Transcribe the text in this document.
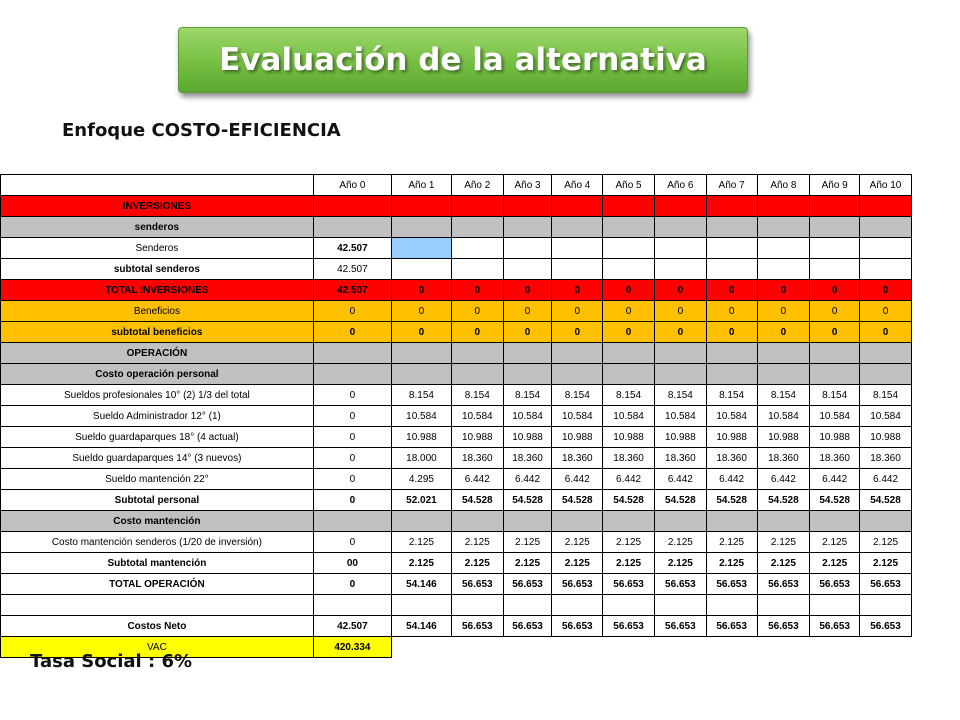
Evaluación de la alternativa
Enfoque COSTO-EFICIENCIA
	Año 0	Año 1	Año 2	Año 3	Año 4	Año 5	Año 6	Año 7	Año 8	Año 9	Año 10
INVERSIONES											
senderos											
Senderos	42.507										
subtotal senderos	42.507										
TOTAL INVERSIONES	42.507	0	0	0	0	0	0	0	0	0	0
Beneficios	0	0	0	0	0	0	0	0	0	0	0
subtotal beneficios	0	0	0	0	0	0	0	0	0	0	0
OPERACIÓN											
Costo operación personal											
Sueldos profesionales 10° (2) 1/3 del total	0	8.154	8.154	8.154	8.154	8.154	8.154	8.154	8.154	8.154	8.154
Sueldo Administrador 12° (1)	0	10.584	10.584	10.584	10.584	10.584	10.584	10.584	10.584	10.584	10.584
Sueldo guardaparques 18° (4 actual)	0	10.988	10.988	10.988	10.988	10.988	10.988	10.988	10.988	10.988	10.988
Sueldo guardaparques 14° (3 nuevos)	0	18.000	18.360	18.360	18.360	18.360	18.360	18.360	18.360	18.360	18.360
Sueldo mantención 22°	0	4.295	6.442	6.442	6.442	6.442	6.442	6.442	6.442	6.442	6.442
Subtotal personal	0	52.021	54.528	54.528	54.528	54.528	54.528	54.528	54.528	54.528	54.528
Costo mantención											
Costo mantención senderos (1/20 de inversión)	0	2.125	2.125	2.125	2.125	2.125	2.125	2.125	2.125	2.125	2.125
Subtotal mantención	00	2.125	2.125	2.125	2.125	2.125	2.125	2.125	2.125	2.125	2.125
TOTAL OPERACIÓN	0	54.146	56.653	56.653	56.653	56.653	56.653	56.653	56.653	56.653	56.653

Costos Neto	42.507	54.146	56.653	56.653	56.653	56.653	56.653	56.653	56.653	56.653	56.653
VAC	420.334										
Tasa Social : 6%
